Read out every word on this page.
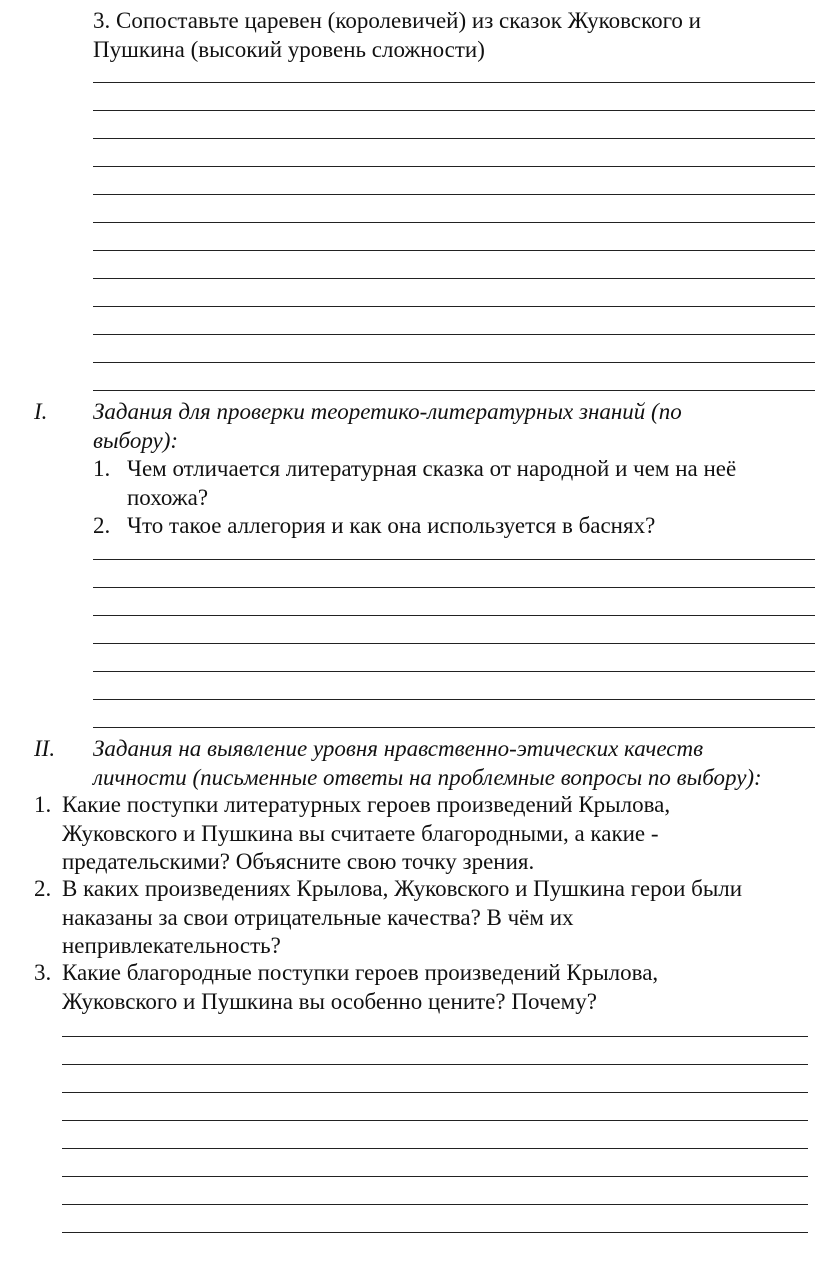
3. Сопоставьте царевен (королевичей) из сказок Жуковского и
Пушкина (высокий уровень сложности)
I. Задания для проверки теоретико-литературных знаний (по
выбору):
1. Чем отличается литературная сказка от народной и чем на неё
похожа?
2. Что такое аллегория и как она используется в баснях?
II. Задания на выявление уровня нравственно-этических качеств
личности (письменные ответы на проблемные вопросы по выбору):
1. Какие поступки литературных героев произведений Крылова,
Жуковского и Пушкина вы считаете благородными, а какие -
предательскими? Объясните свою точку зрения.
2. В каких произведениях Крылова, Жуковского и Пушкина герои были
наказаны за свои отрицательные качества? В чём их
непривлекательность?
3. Какие благородные поступки героев произведений Крылова,
Жуковского и Пушкина вы особенно цените? Почему?
